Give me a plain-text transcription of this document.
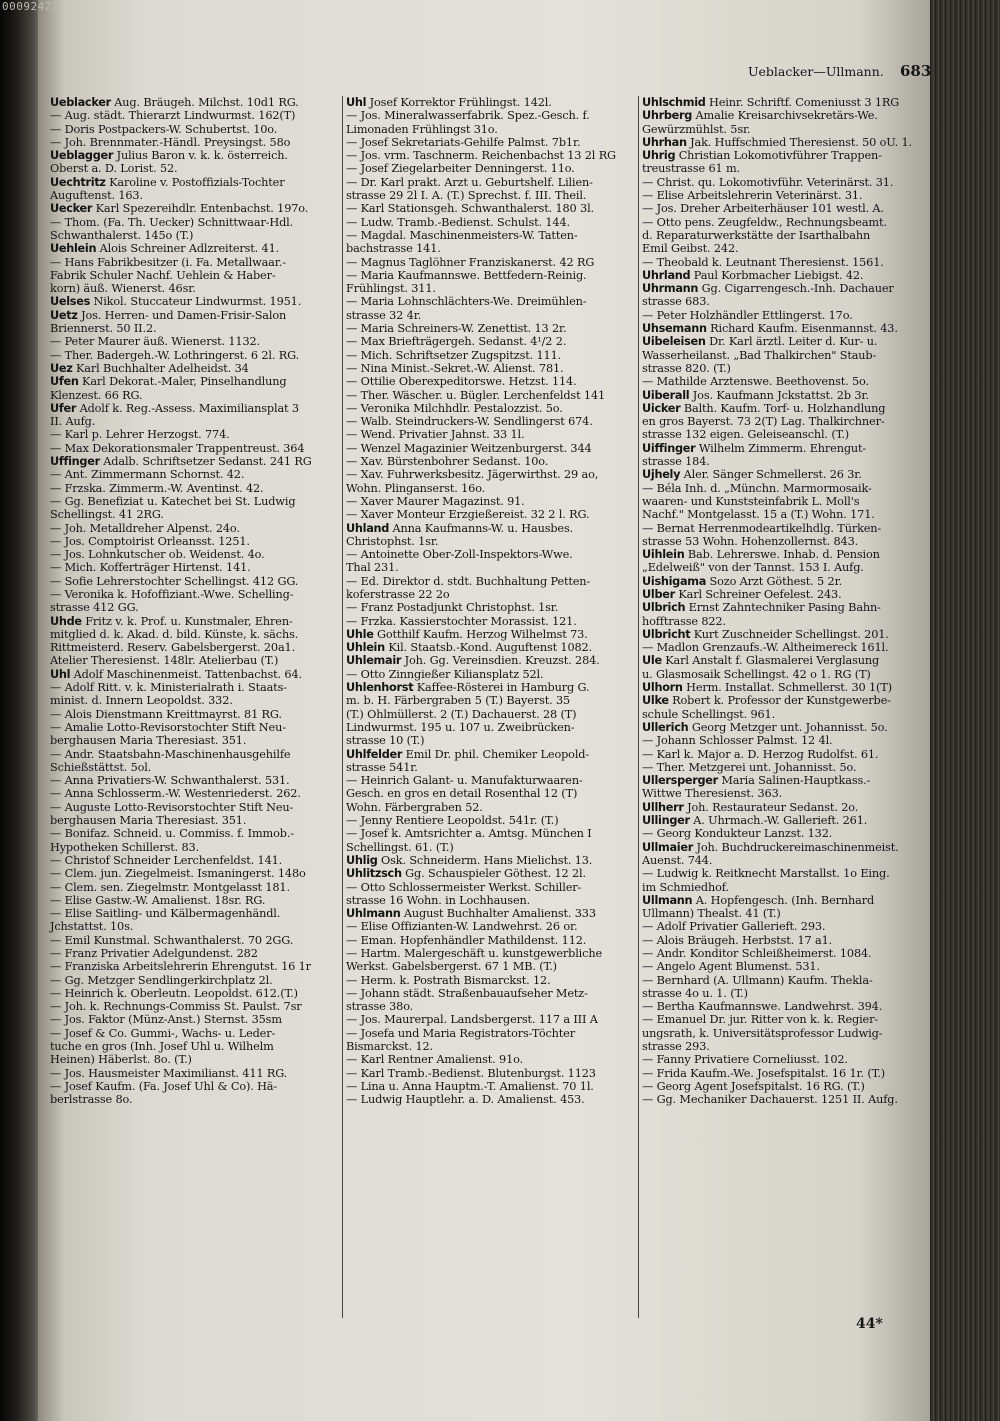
Ueblacker—Ullmann. 683

Ueblacker Aug. Bräugeh. Milchst. 10d1 RG.

— Aug. städt. Thierarzt Lindwurmst. 162(T)

— Doris Postpackers-W. Schubertst. 10o.

— Joh. Brennmater.-Händl. Preysingst. 58o

Ueblagger Julius Baron v. k. k. österreich.

Oberst a. D. Lorist. 52.

Uechtritz Karoline v. Postoffizials-Tochter

Auguftenst. 163.

Uecker Karl Spezereihdlr. Entenbachst. 197o.

— Thom. (Fa. Th. Uecker) Schnittwaar-Hdl.

Schwanthalerst. 145o (T.)

Uehlein Alois Schreiner Adlzreiterst. 41.

— Hans Fabrikbesitzer (i. Fa. Metallwaar.-

Fabrik Schuler Nachf. Uehlein & Haber-

korn) äuß. Wienerst. 46sr.

Uelses Nikol. Stuccateur Lindwurmst. 1951.

Uetz Jos. Herren- und Damen-Frisir-Salon

Briennerst. 50 II.2.

— Peter Maurer äuß. Wienerst. 1132.

— Ther. Badergeh.-W. Lothringerst. 6 2l. RG.

Uez Karl Buchhalter Adelheidst. 34

Ufen Karl Dekorat.-Maler, Pinselhandlung

Klenzest. 66 RG.

Ufer Adolf k. Reg.-Assess. Maximiliansplat 3

II. Aufg.

— Karl p. Lehrer Herzogst. 774.

— Max Dekorationsmaler Trappentreust. 364

Uffinger Adalb. Schriftsetzer Sedanst. 241 RG

— Ant. Zimmermann Schornst. 42.

— Frzska. Zimmerm.-W. Aventinst. 42.

— Gg. Benefiziat u. Katechet bei St. Ludwig

Schellingst. 41 2RG.

— Joh. Metalldreher Alpenst. 24o.

— Jos. Comptoirist Orleansst. 1251.

— Jos. Lohnkutscher ob. Weidenst. 4o.

— Mich. Kofferträger Hirtenst. 141.

— Sofie Lehrerstochter Schellingst. 412 GG.

— Veronika k. Hofoffiziant.-Wwe. Schelling-

strasse 412 GG.

Uhde Fritz v. k. Prof. u. Kunstmaler, Ehren-

mitglied d. k. Akad. d. bild. Künste, k. sächs.

Rittmeisterd. Reserv. Gabelsbergerst. 20a1.

Atelier Theresienst. 148lr. Atelierbau (T.)

Uhl Adolf Maschinenmeist. Tattenbachst. 64.

— Adolf Ritt. v. k. Ministerialrath i. Staats-

minist. d. Innern Leopoldst. 332.

— Alois Dienstmann Kreittmayrst. 81 RG.

— Amalie Lotto-Revisorstochter Stift Neu-

berghausen Maria Theresiast. 351.

— Andr. Staatsbahn-Maschinenhausgehilfe

Schießstättst. 5ol.

— Anna Privatiers-W. Schwanthalerst. 531.

— Anna Schlosserm.-W. Westenriederst. 262.

— Auguste Lotto-Revisorstochter Stift Neu-

berghausen Maria Theresiast. 351.

— Bonifaz. Schneid. u. Commiss. f. Immob.-

Hypotheken Schillerst. 83.

— Christof Schneider Lerchenfeldst. 141.

— Clem. jun. Ziegelmeist. Ismaningerst. 148o

— Clem. sen. Ziegelmstr. Montgelasst 181.

— Elise Gastw.-W. Amalienst. 18sr. RG.

— Elise Saitling- und Kälbermagenhändl.

Jchstattst. 10s.

— Emil Kunstmal. Schwanthalerst. 70 2GG.

— Franz Privatier Adelgundenst. 282

— Franziska Arbeitslehrerin Ehrengutst. 16 1r

— Gg. Metzger Sendlingerkirchplatz 2l.

— Heinrich k. Oberleutn. Leopoldst. 612.(T.)

— Joh. k. Rechnungs-Commiss St. Paulst. 7sr

— Jos. Faktor (Münz-Anst.) Sternst. 35sm

— Josef & Co. Gummi-, Wachs- u. Leder-

tuche en gros (Inh. Josef Uhl u. Wilhelm

Heinen) Häberlst. 8o. (T.)

— Jos. Hausmeister Maximilianst. 411 RG.

— Josef Kaufm. (Fa. Josef Uhl & Co). Hä-

berlstrasse 8o.

Uhl Josef Korrektor Frühlingst. 142l.

— Jos. Mineralwasserfabrik. Spez.-Gesch. f.

Limonaden Frühlingst 31o.

— Josef Sekretariats-Gehilfe Palmst. 7b1r.

— Jos. vrm. Taschnerm. Reichenbachst 13 2l RG

— Josef Ziegelarbeiter Denningerst. 11o.

— Dr. Karl prakt. Arzt u. Geburtshelf. Lilien-

strasse 29 2l I. A. (T.) Sprechst. f. III. Theil.

— Karl Stationsgeh. Schwanthalerst. 180 3l.

— Ludw. Tramb.-Bedienst. Schulst. 144.

— Magdal. Maschinenmeisters-W. Tatten-

bachstrasse 141.

— Magnus Taglöhner Franziskanerst. 42 RG

— Maria Kaufmannswe. Bettfedern-Reinig.

Frühlingst. 311.

— Maria Lohnschlächters-We. Dreimühlen-

strasse 32 4r.

— Maria Schreiners-W. Zenettist. 13 2r.

— Max Briefträgergeh. Sedanst. 4¹/2 2.

— Mich. Schriftsetzer Zugspitzst. 111.

— Nina Minist.-Sekret.-W. Alienst. 781.

— Ottilie Oberexpeditorswe. Hetzst. 114.

— Ther. Wäscher. u. Bügler. Lerchenfeldst 141

— Veronika Milchhdlr. Pestalozzist. 5o.

— Walb. Steindruckers-W. Sendlingerst 674.

— Wend. Privatier Jahnst. 33 1l.

— Wenzel Magazinier Weitzenburgerst. 344

— Xav. Bürstenbohrer Sedanst. 10o.

— Xav. Fuhrwerksbesitz. Jägerwirthst. 29 ao,

Wohn. Plinganserst. 16o.

— Xaver Maurer Magazinst. 91.

— Xaver Monteur Erzgießereist. 32 2 l. RG.

Uhland Anna Kaufmanns-W. u. Hausbes.

Christophst. 1sr.

— Antoinette Ober-Zoll-Inspektors-Wwe.

Thal 231.

— Ed. Direktor d. stdt. Buchhaltung Petten-

koferstrasse 22 2o

— Franz Postadjunkt Christophst. 1sr.

— Frzka. Kassierstochter Morassist. 121.

Uhle Gotthilf Kaufm. Herzog Wilhelmst 73.

Uhlein Kil. Staatsb.-Kond. Auguftenst 1082.

Uhlemair Joh. Gg. Vereinsdien. Kreuzst. 284.

— Otto Zinngießer Kiliansplatz 52l.

Uhlenhorst Kaffee-Rösterei in Hamburg G.

m. b. H. Färbergraben 5 (T.) Bayerst. 35

(T.) Ohlmüllerst. 2 (T.) Dachauerst. 28 (T)

Lindwurmst. 195 u. 107 u. Zweibrücken-

strasse 10 (T.)

Uhlfelder Emil Dr. phil. Chemiker Leopold-

strasse 541r.

— Heinrich Galant- u. Manufakturwaaren-

Gesch. en gros en detail Rosenthal 12 (T)

Wohn. Färbergraben 52.

— Jenny Rentiere Leopoldst. 541r. (T.)

— Josef k. Amtsrichter a. Amtsg. München I

Schellingst. 61. (T.)

Uhlig Osk. Schneiderm. Hans Mielichst. 13.

Uhlitzsch Gg. Schauspieler Göthest. 12 2l.

— Otto Schlossermeister Werkst. Schiller-

strasse 16 Wohn. in Lochhausen.

Uhlmann August Buchhalter Amalienst. 333

— Elise Offizianten-W. Landwehrst. 26 or.

— Eman. Hopfenhändler Mathildenst. 112.

— Hartm. Malergeschäft u. kunstgewerbliche

Werkst. Gabelsbergerst. 67 1 MB. (T.)

— Herm. k. Postrath Bismarckst. 12.

— Johann städt. Straßenbauaufseher Metz-

strasse 38o.

— Jos. Maurerpal. Landsbergerst. 117 a III A

— Josefa und Maria Registrators-Töchter

Bismarckst. 12.

— Karl Rentner Amalienst. 91o.

— Karl Tramb.-Bedienst. Blutenburgst. 1123

— Lina u. Anna Hauptm.-T. Amalienst. 70 1l.

— Ludwig Hauptlehr. a. D. Amalienst. 453.

Uhlschmid Heinr. Schriftf. Comeniusst 3 1RG

Uhrberg Amalie Kreisarchivsekretärs-We.

Gewürzmühlst. 5sr.

Uhrhan Jak. Huffschmied Theresienst. 50 oU. 1.

Uhrig Christian Lokomotivführer Trappen-

treustrasse 61 m.

— Christ. qu. Lokomotivführ. Veterinärst. 31.

— Elise Arbeitslehrerin Veterinärst. 31.

— Jos. Dreher Arbeiterhäuser 101 westl. A.

— Otto pens. Zeugfeldw., Rechnungsbeamt.

d. Reparaturwerkstätte der Isarthalbahn

Emil Geibst. 242.

— Theobald k. Leutnant Theresienst. 1561.

Uhrland Paul Korbmacher Liebigst. 42.

Uhrmann Gg. Cigarrengesch.-Inh. Dachauer

strasse 683.

— Peter Holzhändler Ettlingerst. 17o.

Uhsemann Richard Kaufm. Eisenmannst. 43.

Uibeleisen Dr. Karl ärztl. Leiter d. Kur- u.

Wasserheilanst. „Bad Thalkirchen" Staub-

strasse 820. (T.)

— Mathilde Arztenswe. Beethovenst. 5o.

Uiberall Jos. Kaufmann Jckstattst. 2b 3r.

Uicker Balth. Kaufm. Torf- u. Holzhandlung

en gros Bayerst. 73 2(T) Lag. Thalkirchner-

strasse 132 eigen. Geleiseanschl. (T.)

Uiffinger Wilhelm Zimmerm. Ehrengut-

strasse 184.

Ujhely Aler. Sänger Schmellerst. 26 3r.

— Béla Inh. d. „Münchn. Marmormosaik-

waaren- und Kunststeinfabrik L. Moll's

Nachf." Montgelasst. 15 a (T.) Wohn. 171.

— Bernat Herrenmodeartikelhdlg. Türken-

strasse 53 Wohn. Hohenzollernst. 843.

Uihlein Bab. Lehrerswe. Inhab. d. Pension

„Edelweiß" von der Tannst. 153 I. Aufg.

Uishigama Sozo Arzt Göthest. 5 2r.

Ulber Karl Schreiner Oefelest. 243.

Ulbrich Ernst Zahntechniker Pasing Bahn-

hofftrasse 822.

Ulbricht Kurt Zuschneider Schellingst. 201.

— Madlon Grenzaufs.-W. Altheimereck 161l.

Ule Karl Anstalt f. Glasmalerei Verglasung

u. Glasmosaik Schellingst. 42 o 1. RG (T)

Ulhorn Herm. Installat. Schmellerst. 30 1(T)

Ulke Robert k. Professor der Kunstgewerbe-

schule Schellingst. 961.

Ullerich Georg Metzger unt. Johannisst. 5o.

— Johann Schlosser Palmst. 12 4l.

— Karl k. Major a. D. Herzog Rudolfst. 61.

— Ther. Metzgerei unt. Johannisst. 5o.

Ullersperger Maria Salinen-Hauptkass.-

Wittwe Theresienst. 363.

Ullherr Joh. Restaurateur Sedanst. 2o.

Ullinger A. Uhrmach.-W. Gallerieft. 261.

— Georg Kondukteur Lanzst. 132.

Ullmaier Joh. Buchdruckereimaschinenmeist.

Auenst. 744.

— Ludwig k. Reitknecht Marstallst. 1o Eing.

im Schmiedhof.

Ullmann A. Hopfengesch. (Inh. Bernhard

Ullmann) Thealst. 41 (T.)

— Adolf Privatier Gallerieft. 293.

— Alois Bräugeh. Herbstst. 17 a1.

— Andr. Konditor Schleißheimerst. 1084.

— Angelo Agent Blumenst. 531.

— Bernhard (A. Ullmann) Kaufm. Thekla-

strasse 4o u. 1. (T.)

— Bertha Kaufmannswe. Landwehrst. 394.

— Emanuel Dr. jur. Ritter von k. k. Regier-

ungsrath, k. Universitätsprofessor Ludwig-

strasse 293.

— Fanny Privatiere Corneliusst. 102.

— Frida Kaufm.-We. Josefspitalst. 16 1r. (T.)

— Georg Agent Josefspitalst. 16 RG. (T.)

— Gg. Mechaniker Dachauerst. 1251 II. Aufg.

44*
00092427
